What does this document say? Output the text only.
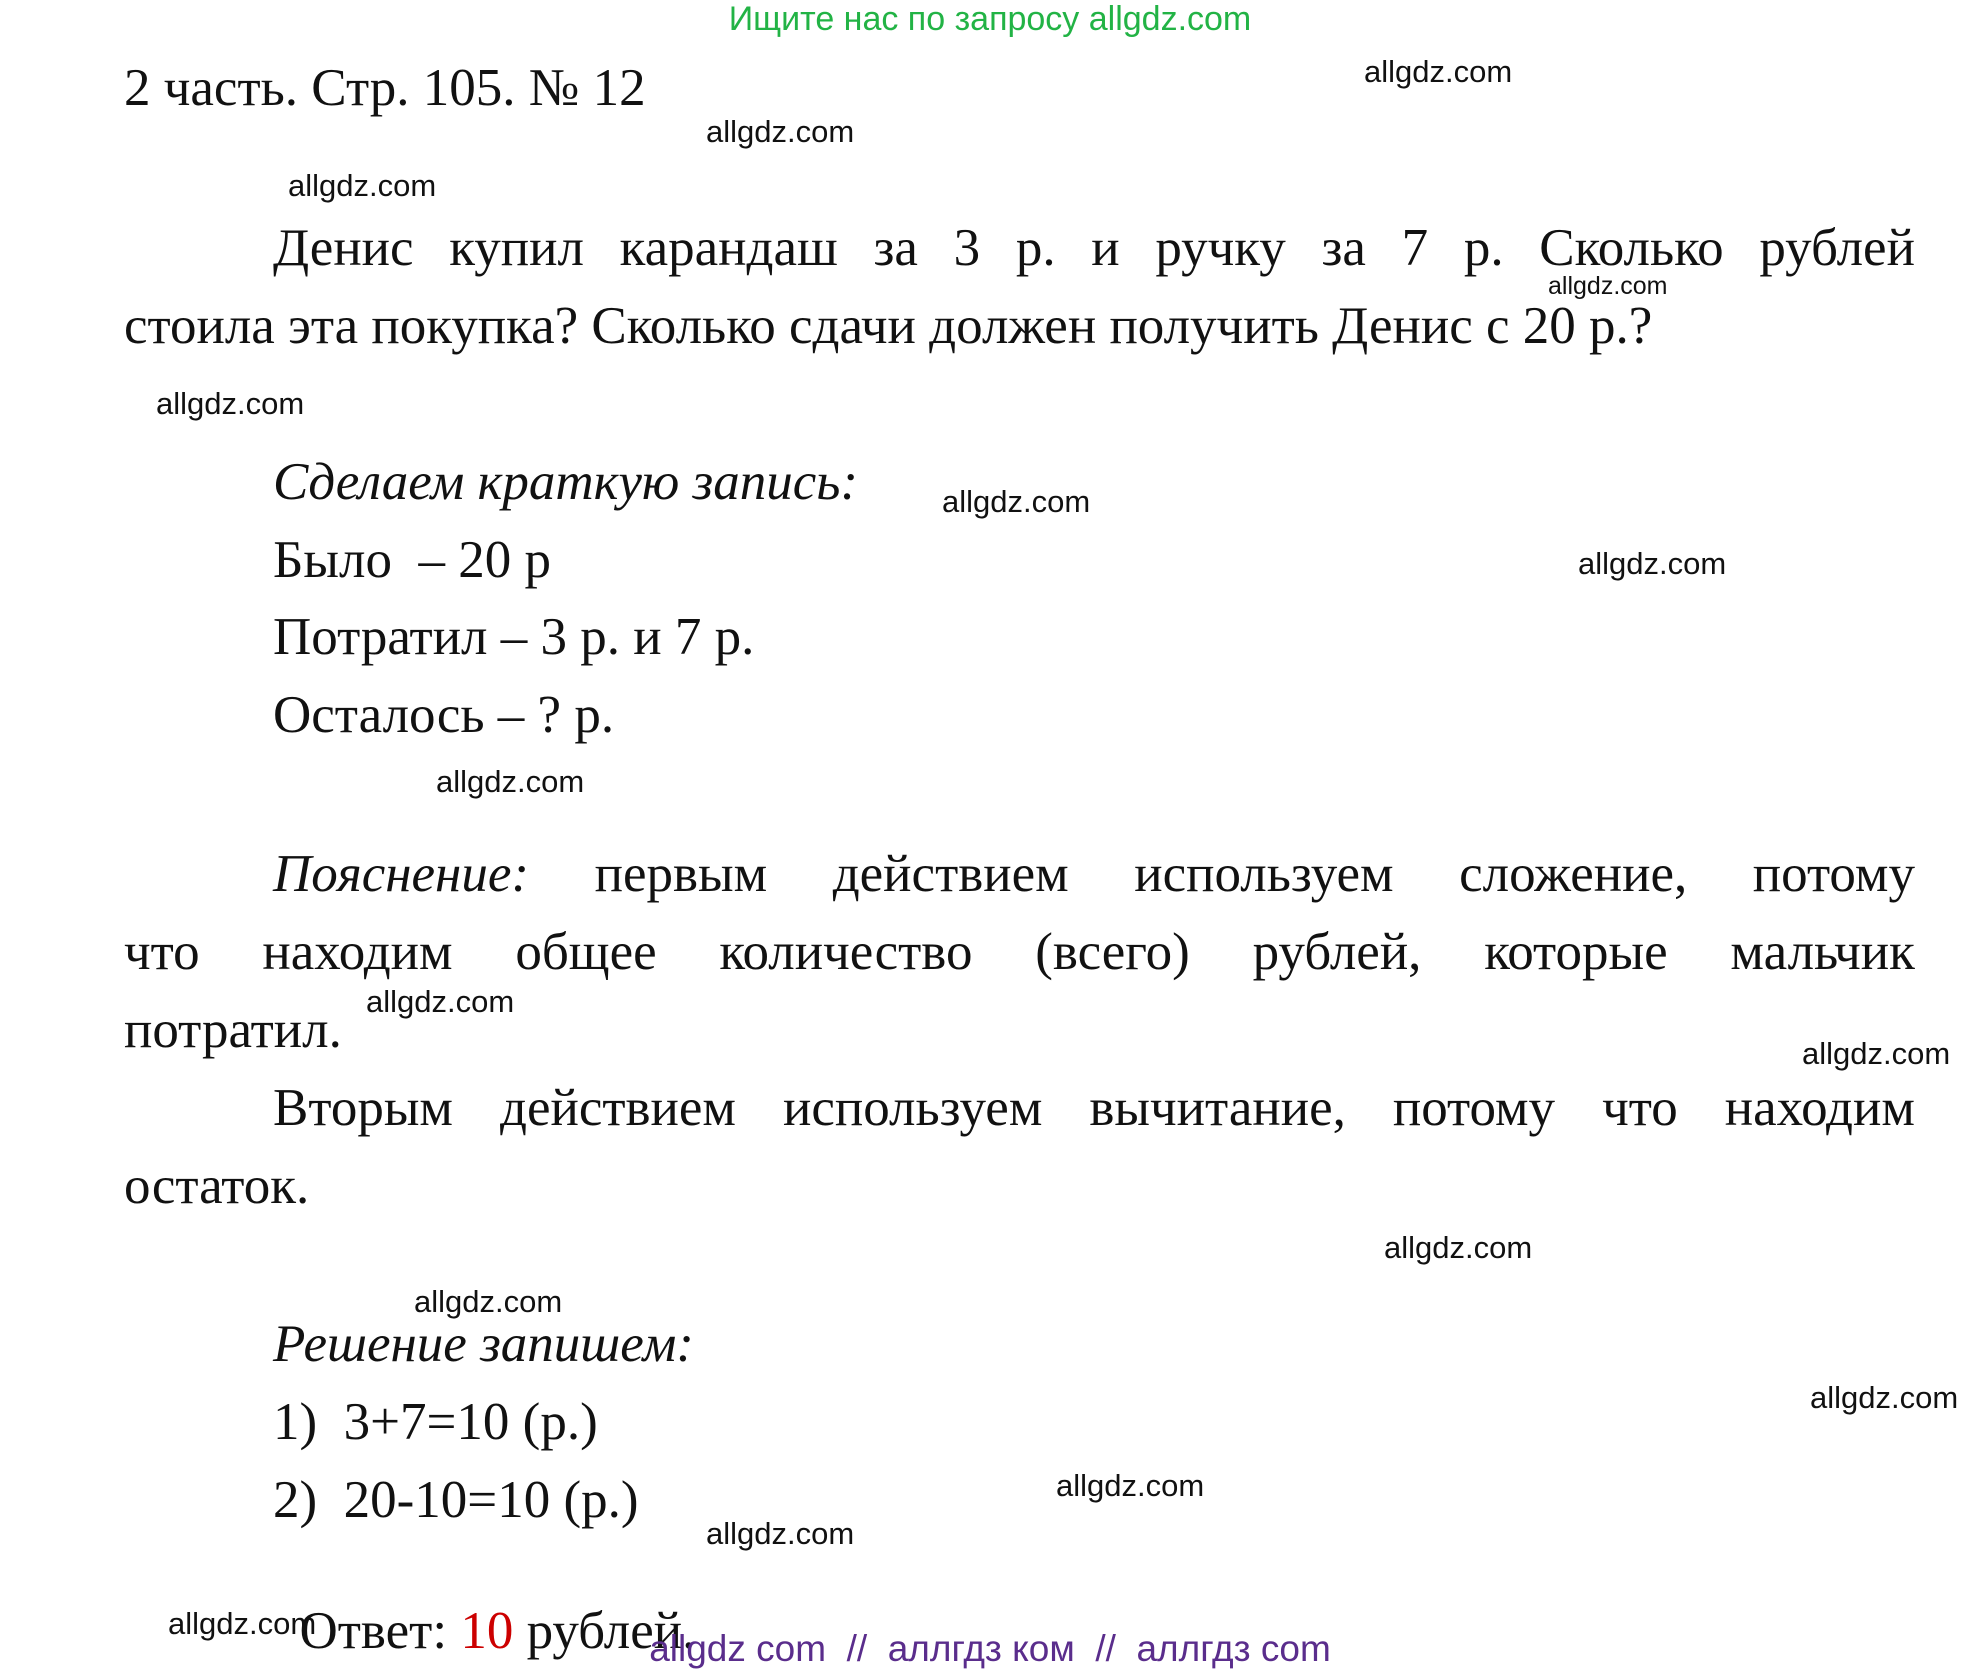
Ищите нас по запросу allgdz.com
2 часть. Стр. 105. № 12
Денис купил карандаш за 3 р. и ручку за 7 р. Сколько рублей
стоила эта покупка? Сколько сдачи должен получить Денис с 20 р.?
Сделаем краткую запись:
Было  – 20 р
Потратил – 3 р. и 7 р.
Осталось – ? р.
Пояснение: первым действием используем сложение, потому
что находим общее количество (всего) рублей, которые мальчик
потратил.
Вторым действием используем вычитание, потому что находим
остаток.
Решение запишем:
1)  3+7=10 (р.)
2)  20-10=10 (р.)

Ответ: 10 рублей.

allgdz.com
allgdz.com
allgdz.com
allgdz.com
allgdz.com
allgdz.com
allgdz.com
allgdz.com
allgdz.com
allgdz.com
allgdz.com
allgdz.com
allgdz.com
allgdz.com
allgdz.com
allgdz.com
allgdz com  //  аллгдз ком  //  аллгдз com
